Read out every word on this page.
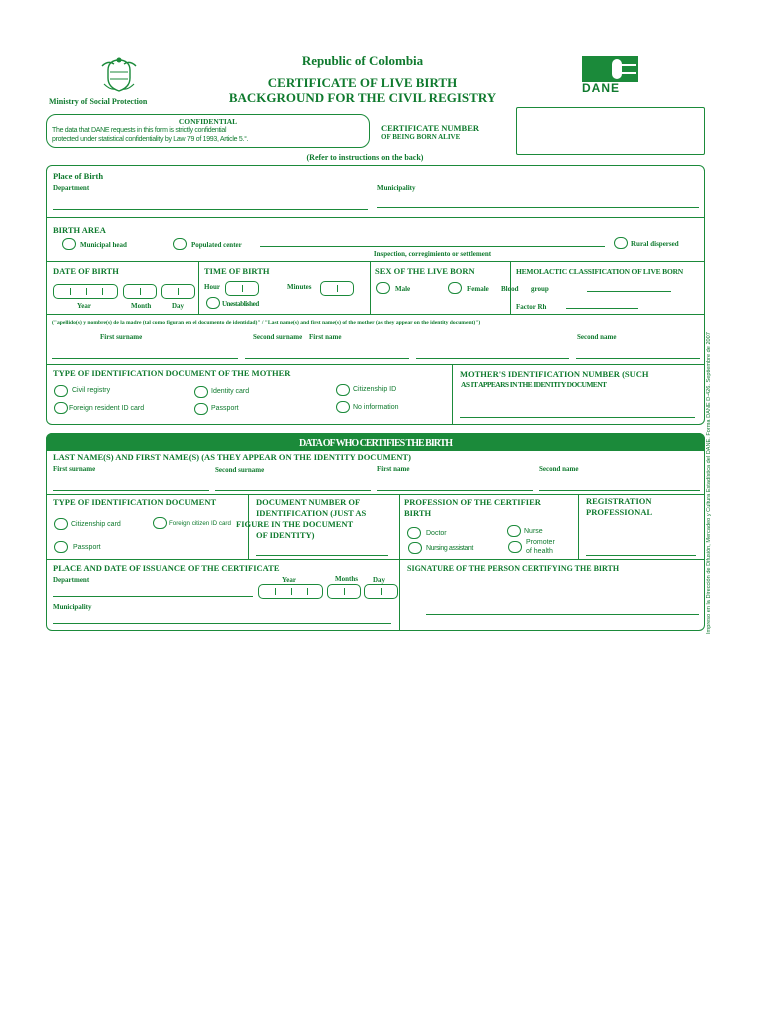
Ministry of Social Protection
Republic of Colombia
CERTIFICATE OF LIVE BIRTH
BACKGROUND FOR THE CIVIL REGISTRY
DANE
CONFIDENTIAL
The data that DANE requests in this form is strictly confidential
protected under statistical confidentiality by Law 79 of 1993, Article 5.°.
CERTIFICATE NUMBER
OF BEING BORN ALIVE
(Refer to instructions on the back)
Place of Birth
Department	Municipality
BIRTH AREA
Municipal head	Populated center
Inspection, corregimiento or settlement
Rural dispersed
DATE OF BIRTH
Year	Month	Day
TIME OF BIRTH
Hour	Minutes
Unestablished
SEX OF THE LIVE BORN
Male	Female
HEMOLACTIC CLASSIFICATION OF LIVE BORN
Blood group
Factor Rh
("apellido(s) y nombre(s) de la madre (tal como figuran en el documento de identidad)" / "Last name(s) and first name(s) of the mother (as they appear on the identity document)")
First surname	Second surname First name	Second name
TYPE OF IDENTIFICATION DOCUMENT OF THE MOTHER
Civil registry	Identity card	Citizenship ID
Foreign resident ID card	Passport	No information
MOTHER'S IDENTIFICATION NUMBER (SUCH
AS IT APPEARS IN THE IDENTITY DOCUMENT
DATA OF WHO CERTIFIES THE BIRTH
LAST NAME(S) AND FIRST NAME(S) (AS THEY APPEAR ON THE IDENTITY DOCUMENT)
First surname	Second surname	First name	Second name
TYPE OF IDENTIFICATION DOCUMENT
Citizenship card	Foreign citizen ID card
Passport
DOCUMENT NUMBER OF
IDENTIFICATION (JUST AS
FIGURE IN THE DOCUMENT
OF IDENTITY)
PROFESSION OF THE CERTIFIER
BIRTH
Doctor	Nurse
Nursing assistant
Promoter
of health
REGISTRATION
PROFESSIONAL
PLACE AND DATE OF ISSUANCE OF THE CERTIFICATE
Department	Year	Months Day
Municipality
SIGNATURE OF THE PERSON CERTIFYING THE BIRTH	Impreso en la Dirección de Difusión, Mercadeo y Cultura Estadística del DANE. Forma DANE D-426. Septiembre de 2007
